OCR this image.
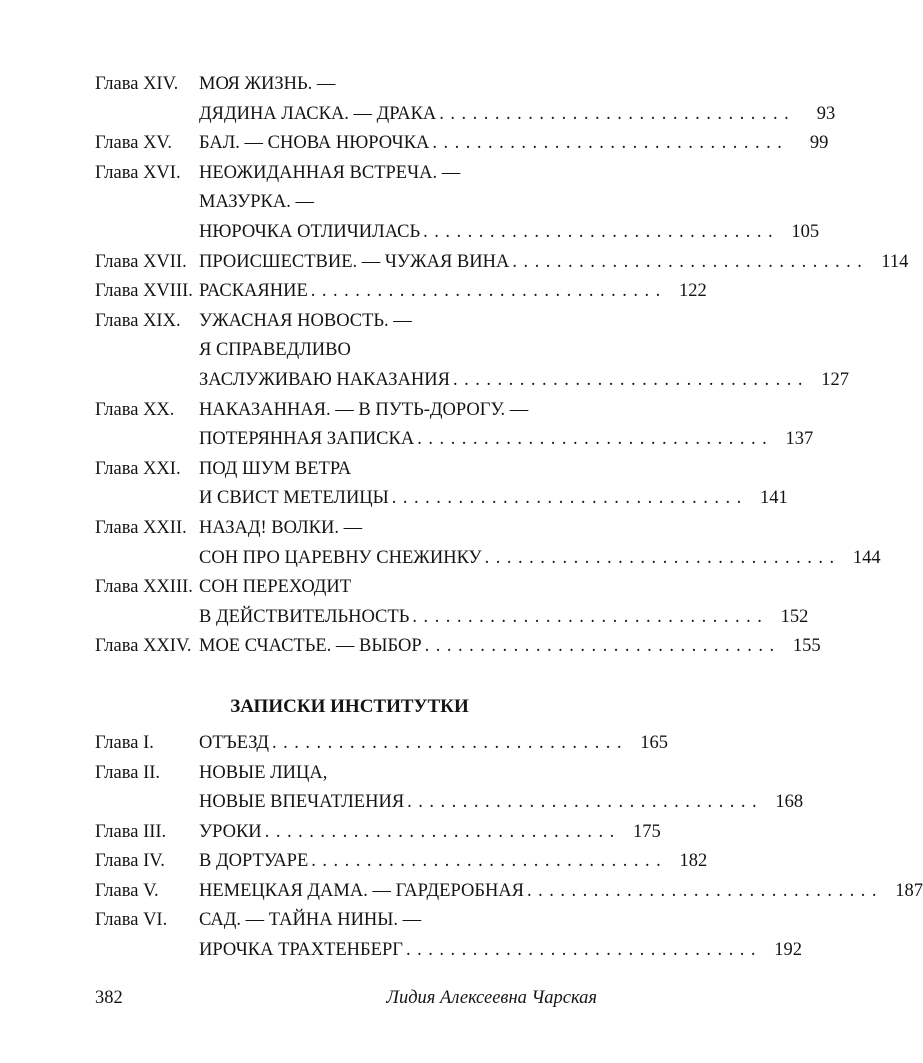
Глава XIV.	МОЯ ЖИЗНЬ. —
ДЯДИНА ЛАСКА. — ДРАКА ................................	93
Глава XV.	БАЛ. — СНОВА НЮРОЧКА ................................	99
Глава XVI. НЕОЖИДАННАЯ ВСТРЕЧА. —
МАЗУРКА. —
НЮРОЧКА ОТЛИЧИЛАСЬ ................................ 105
Глава XVII. ПРОИСШЕСТВИЕ. — ЧУЖАЯ ВИНА ................................ 114
Глава XVIII. РАСКАЯНИЕ ................................ 122
Глава XIX. УЖАСНАЯ НОВОСТЬ. —
Я СПРАВЕДЛИВО
ЗАСЛУЖИВАЮ НАКАЗАНИЯ ................................ 127
Глава XX.	НАКАЗАННАЯ. — В ПУТЬ-ДОРОГУ. —
ПОТЕРЯННАЯ ЗАПИСКА ................................ 137
Глава XXI. ПОД ШУМ ВЕТРА
И СВИСТ МЕТЕЛИЦЫ ................................ 141
Глава XXII. НАЗАД! ВОЛКИ. —
СОН ПРО ЦАРЕВНУ СНЕЖИНКУ ................................ 144
Глава XXIII. СОН ПЕРЕХОДИТ
В ДЕЙСТВИТЕЛЬНОСТЬ ................................ 152
Глава XXIV. МОЕ СЧАСТЬЕ. — ВЫБОР ................................ 155
ЗАПИСКИ ИНСТИТУТКИ
Глава I.	ОТЪЕЗД ................................ 165
Глава II.	НОВЫЕ ЛИЦА,
НОВЫЕ ВПЕЧАТЛЕНИЯ ................................ 168
Глава III.	УРОКИ ................................ 175
Глава IV.	В ДОРТУАРЕ ................................ 182
Глава V.	НЕМЕЦКАЯ ДАМА. — ГАРДЕРОБНАЯ ................................ 187
Глава VI.	САД. — ТАЙНА НИНЫ. —
ИРОЧКА ТРАХТЕНБЕРГ ................................ 192
382	Лидия Алексеевна Чарская
